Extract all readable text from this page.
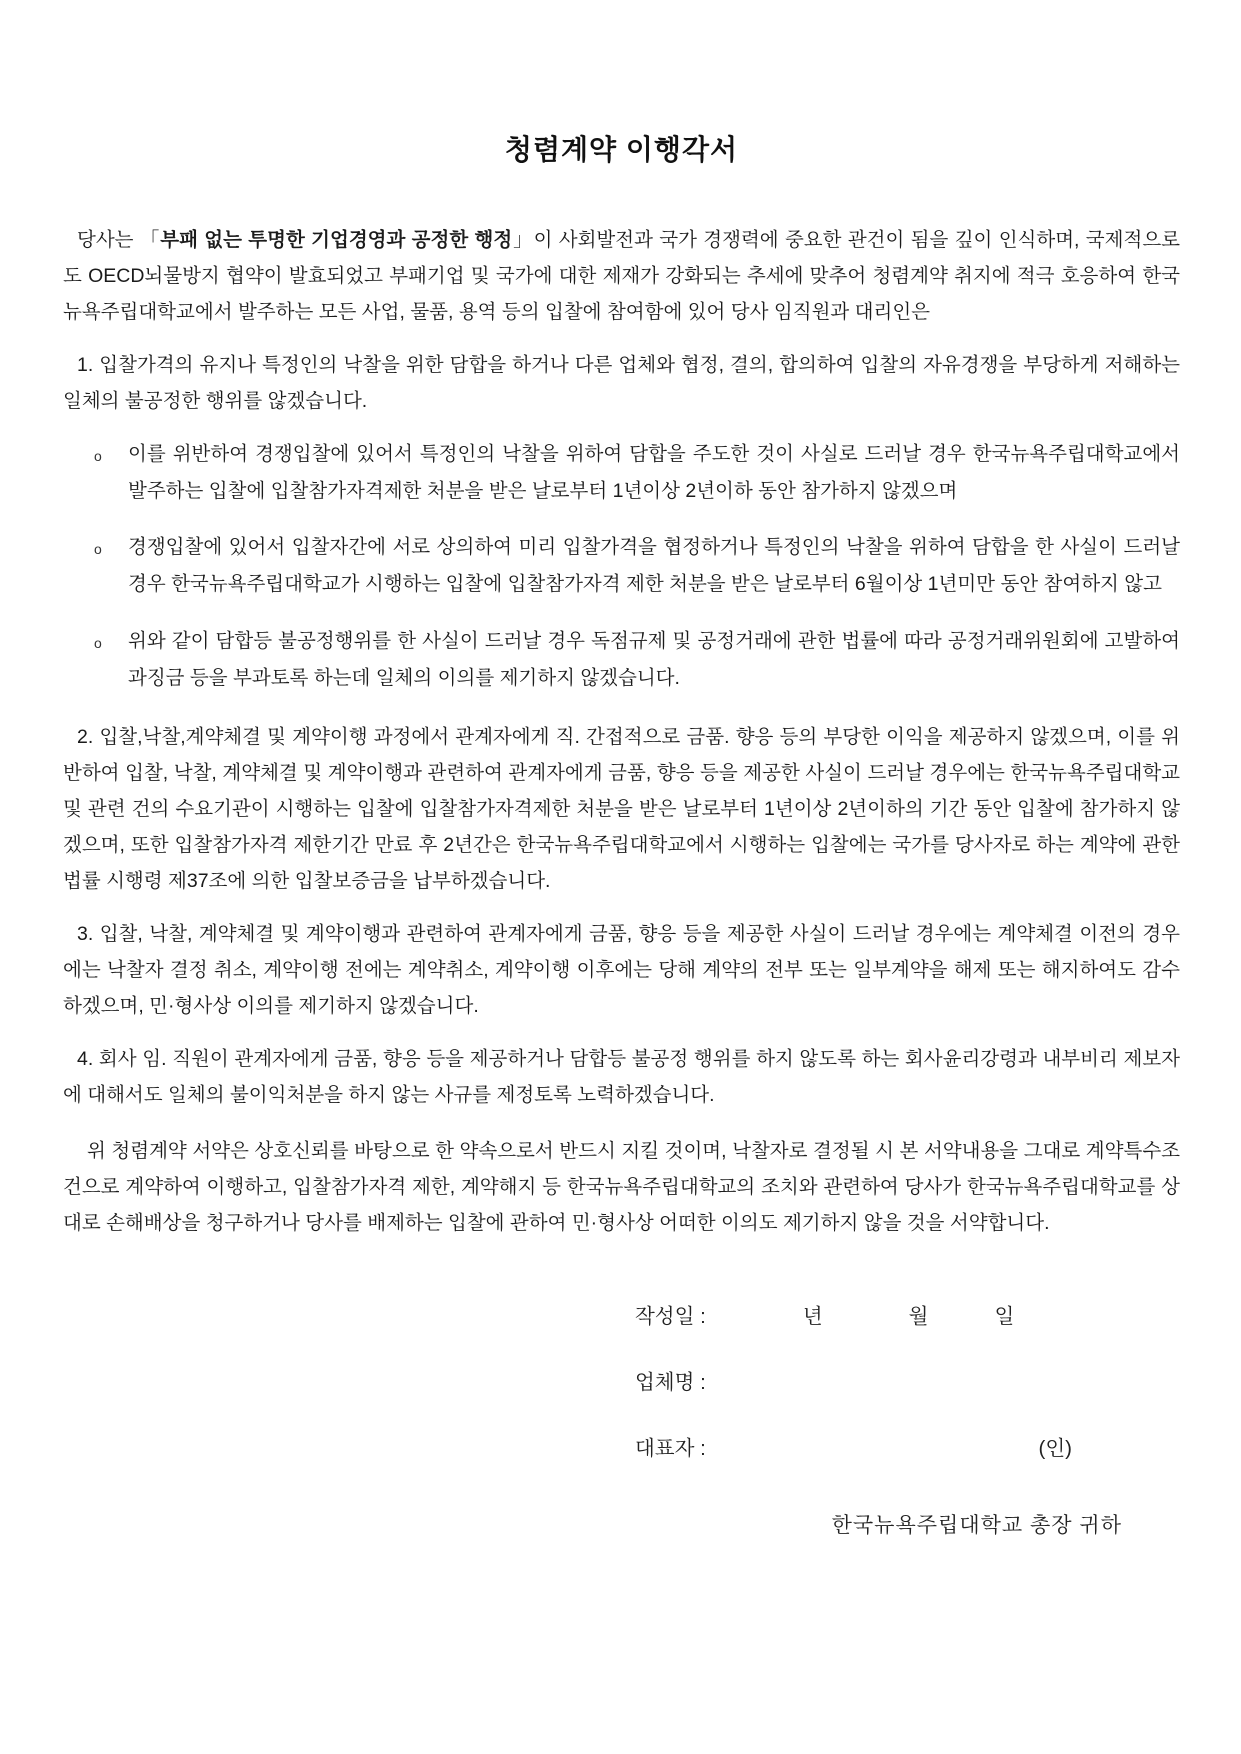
청렴계약 이행각서

당사는 「부패 없는 투명한 기업경영과 공정한 행정」이 사회발전과 국가 경쟁력에 중요한 관건이 됨을 깊이 인식하며, 국제적으로도 OECD뇌물방지 협약이 발효되었고 부패기업 및 국가에 대한 제재가 강화되는 추세에 맞추어 청렴계약 취지에 적극 호응하여 한국뉴욕주립대학교에서 발주하는 모든 사업, 물품, 용역 등의 입찰에 참여함에 있어 당사 임직원과 대리인은

1. 입찰가격의 유지나 특정인의 낙찰을 위한 담합을 하거나 다른 업체와 협정, 결의, 합의하여 입찰의 자유경쟁을 부당하게 저해하는 일체의 불공정한 행위를 않겠습니다.

o 이를 위반하여 경쟁입찰에 있어서 특정인의 낙찰을 위하여 담합을 주도한 것이 사실로 드러날 경우 한국뉴욕주립대학교에서 발주하는 입찰에 입찰참가자격제한 처분을 받은 날로부터 1년이상 2년이하 동안 참가하지 않겠으며
o 경쟁입찰에 있어서 입찰자간에 서로 상의하여 미리 입찰가격을 협정하거나 특정인의 낙찰을 위하여 담합을 한 사실이 드러날 경우 한국뉴욕주립대학교가 시행하는 입찰에 입찰참가자격 제한 처분을 받은 날로부터 6월이상 1년미만 동안 참여하지 않고
o 위와 같이 담합등 불공정행위를 한 사실이 드러날 경우 독점규제 및 공정거래에 관한 법률에 따라 공정거래위원회에 고발하여 과징금 등을 부과토록 하는데 일체의 이의를 제기하지 않겠습니다.

2. 입찰,낙찰,계약체결 및 계약이행 과정에서 관계자에게 직. 간접적으로 금품. 향응 등의 부당한 이익을 제공하지 않겠으며, 이를 위반하여 입찰, 낙찰, 계약체결 및 계약이행과 관련하여 관계자에게 금품, 향응 등을 제공한 사실이 드러날 경우에는 한국뉴욕주립대학교 및 관련 건의 수요기관이 시행하는 입찰에 입찰참가자격제한 처분을 받은 날로부터 1년이상 2년이하의 기간 동안 입찰에 참가하지 않겠으며, 또한 입찰참가자격 제한기간 만료 후 2년간은 한국뉴욕주립대학교에서 시행하는 입찰에는 국가를 당사자로 하는 계약에 관한 법률 시행령 제37조에 의한 입찰보증금을 납부하겠습니다.

3. 입찰, 낙찰, 계약체결 및 계약이행과 관련하여 관계자에게 금품, 향응 등을 제공한 사실이 드러날 경우에는 계약체결 이전의 경우에는 낙찰자 결정 취소, 계약이행 전에는 계약취소, 계약이행 이후에는 당해 계약의 전부 또는 일부계약을 해제 또는 해지하여도 감수하겠으며, 민·형사상 이의를 제기하지 않겠습니다.

4. 회사 임. 직원이 관계자에게 금품, 향응 등을 제공하거나 담합등 불공정 행위를 하지 않도록 하는 회사윤리강령과 내부비리 제보자에 대해서도 일체의 불이익처분을 하지 않는 사규를 제정토록 노력하겠습니다.

위 청렴계약 서약은 상호신뢰를 바탕으로 한 약속으로서 반드시 지킬 것이며, 낙찰자로 결정될 시 본 서약내용을 그대로 계약특수조건으로 계약하여 이행하고, 입찰참가자격 제한, 계약해지 등 한국뉴욕주립대학교의 조치와 관련하여 당사가 한국뉴욕주립대학교를 상대로 손해배상을 청구하거나 당사를 배제하는 입찰에 관하여 민·형사상 어떠한 이의도 제기하지 않을 것을 서약합니다.

작성일 :	년	월	일
업체명 :
대표자 :	(인)
한국뉴욕주립대학교 총장 귀하
